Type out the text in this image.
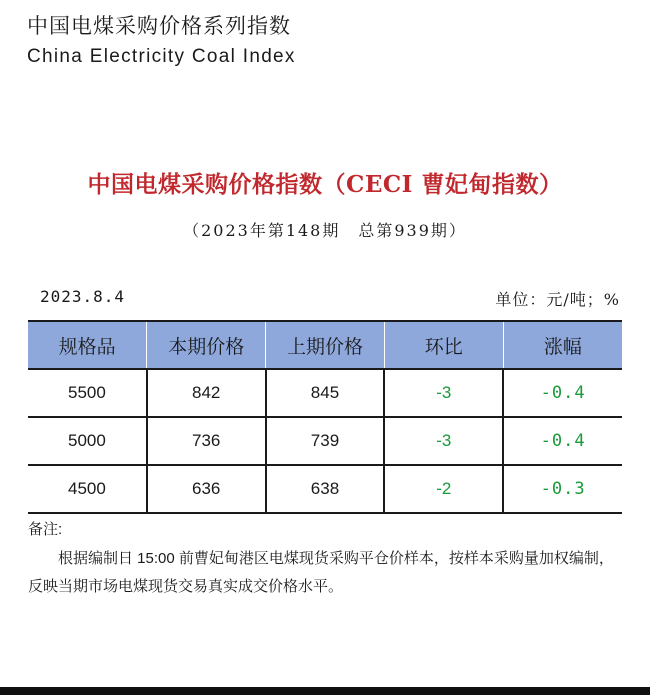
中国电煤采购价格系列指数
China Electricity Coal Index
中国电煤采购价格指数（CECI 曹妃甸指数）
（2023年第148期　总第939期）
2023.8.4	单位：元/吨；%
规格品	本期价格	上期价格	环比	涨幅
5500	842	845	-3	-0.4
5000	736	739	-3	-0.4
4500	636	638	-2	-0.3
备注:
根据编制日 15:00 前曹妃甸港区电煤现货采购平仓价样本，按样本采购量加权编制，反映当期市场电煤现货交易真实成交价格水平。
